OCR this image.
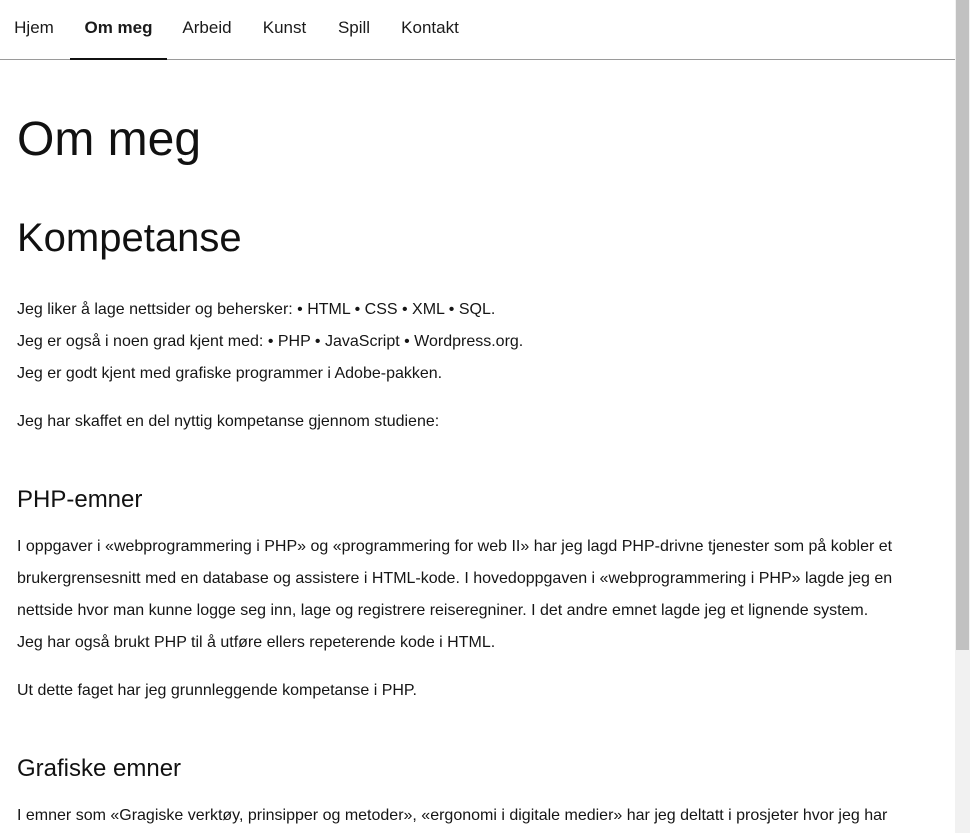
Hjem	Om meg	Arbeid	Kunst	Spill	Kontakt
Om meg
Kompetanse

Jeg liker å lage nettsider og behersker: • HTML • CSS • XML • SQL.

Jeg er også i noen grad kjent med: • PHP • JavaScript • Wordpress.org.

Jeg er godt kjent med grafiske programmer i Adobe-pakken.

Jeg har skaffet en del nyttig kompetanse gjennom studiene:

PHP-emner

I oppgaver i «webprogrammering i PHP» og «programmering for web II» har jeg lagd PHP-drivne tjenester som på kobler et

brukergrensesnitt med en database og assistere i HTML-kode. I hovedoppgaven i «webprogrammering i PHP» lagde jeg en

nettside hvor man kunne logge seg inn, lage og registrere reiseregniner. I det andre emnet lagde jeg et lignende system.

Jeg har også brukt PHP til å utføre ellers repeterende kode i HTML.

Ut dette faget har jeg grunnleggende kompetanse i PHP.

Grafiske emner

I emner som «Gragiske verktøy, prinsipper og metoder», «ergonomi i digitale medier» har jeg deltatt i prosjeter hvor jeg har
